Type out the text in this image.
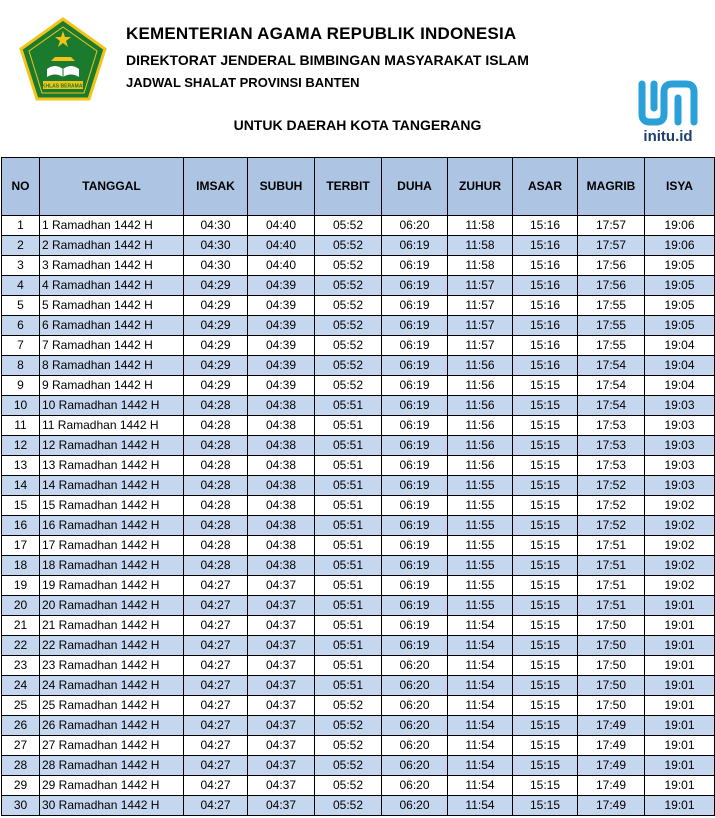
IKHLAS BERAMAL
KEMENTERIAN AGAMA REPUBLIK INDONESIA
DIREKTORAT JENDERAL BIMBINGAN MASYARAKAT ISLAM
JADWAL SHALAT PROVINSI BANTEN
UNTUK DAERAH KOTA TANGERANG
initu.id
NO	TANGGAL	IMSAK	SUBUH	TERBIT	DUHA	ZUHUR	ASAR	MAGRIB	ISYA
1	1 Ramadhan 1442 H	04:30	04:40	05:52	06:20	11:58	15:16	17:57	19:06
2	2 Ramadhan 1442 H	04:30	04:40	05:52	06:19	11:58	15:16	17:57	19:06
3	3 Ramadhan 1442 H	04:30	04:40	05:52	06:19	11:58	15:16	17:56	19:05
4	4 Ramadhan 1442 H	04:29	04:39	05:52	06:19	11:57	15:16	17:56	19:05
5	5 Ramadhan 1442 H	04:29	04:39	05:52	06:19	11:57	15:16	17:55	19:05
6	6 Ramadhan 1442 H	04:29	04:39	05:52	06:19	11:57	15:16	17:55	19:05
7	7 Ramadhan 1442 H	04:29	04:39	05:52	06:19	11:57	15:16	17:55	19:04
8	8 Ramadhan 1442 H	04:29	04:39	05:52	06:19	11:56	15:16	17:54	19:04
9	9 Ramadhan 1442 H	04:29	04:39	05:52	06:19	11:56	15:15	17:54	19:04
10	10 Ramadhan 1442 H	04:28	04:38	05:51	06:19	11:56	15:15	17:54	19:03
11	11 Ramadhan 1442 H	04:28	04:38	05:51	06:19	11:56	15:15	17:53	19:03
12	12 Ramadhan 1442 H	04:28	04:38	05:51	06:19	11:56	15:15	17:53	19:03
13	13 Ramadhan 1442 H	04:28	04:38	05:51	06:19	11:56	15:15	17:53	19:03
14	14 Ramadhan 1442 H	04:28	04:38	05:51	06:19	11:55	15:15	17:52	19:03
15	15 Ramadhan 1442 H	04:28	04:38	05:51	06:19	11:55	15:15	17:52	19:02
16	16 Ramadhan 1442 H	04:28	04:38	05:51	06:19	11:55	15:15	17:52	19:02
17	17 Ramadhan 1442 H	04:28	04:38	05:51	06:19	11:55	15:15	17:51	19:02
18	18 Ramadhan 1442 H	04:28	04:38	05:51	06:19	11:55	15:15	17:51	19:02
19	19 Ramadhan 1442 H	04:27	04:37	05:51	06:19	11:55	15:15	17:51	19:02
20	20 Ramadhan 1442 H	04:27	04:37	05:51	06:19	11:55	15:15	17:51	19:01
21	21 Ramadhan 1442 H	04:27	04:37	05:51	06:19	11:54	15:15	17:50	19:01
22	22 Ramadhan 1442 H	04:27	04:37	05:51	06:19	11:54	15:15	17:50	19:01
23	23 Ramadhan 1442 H	04:27	04:37	05:51	06:20	11:54	15:15	17:50	19:01
24	24 Ramadhan 1442 H	04:27	04:37	05:51	06:20	11:54	15:15	17:50	19:01
25	25 Ramadhan 1442 H	04:27	04:37	05:52	06:20	11:54	15:15	17:50	19:01
26	26 Ramadhan 1442 H	04:27	04:37	05:52	06:20	11:54	15:15	17:49	19:01
27	27 Ramadhan 1442 H	04:27	04:37	05:52	06:20	11:54	15:15	17:49	19:01
28	28 Ramadhan 1442 H	04:27	04:37	05:52	06:20	11:54	15:15	17:49	19:01
29	29 Ramadhan 1442 H	04:27	04:37	05:52	06:20	11:54	15:15	17:49	19:01
30	30 Ramadhan 1442 H	04:27	04:37	05:52	06:20	11:54	15:15	17:49	19:01
